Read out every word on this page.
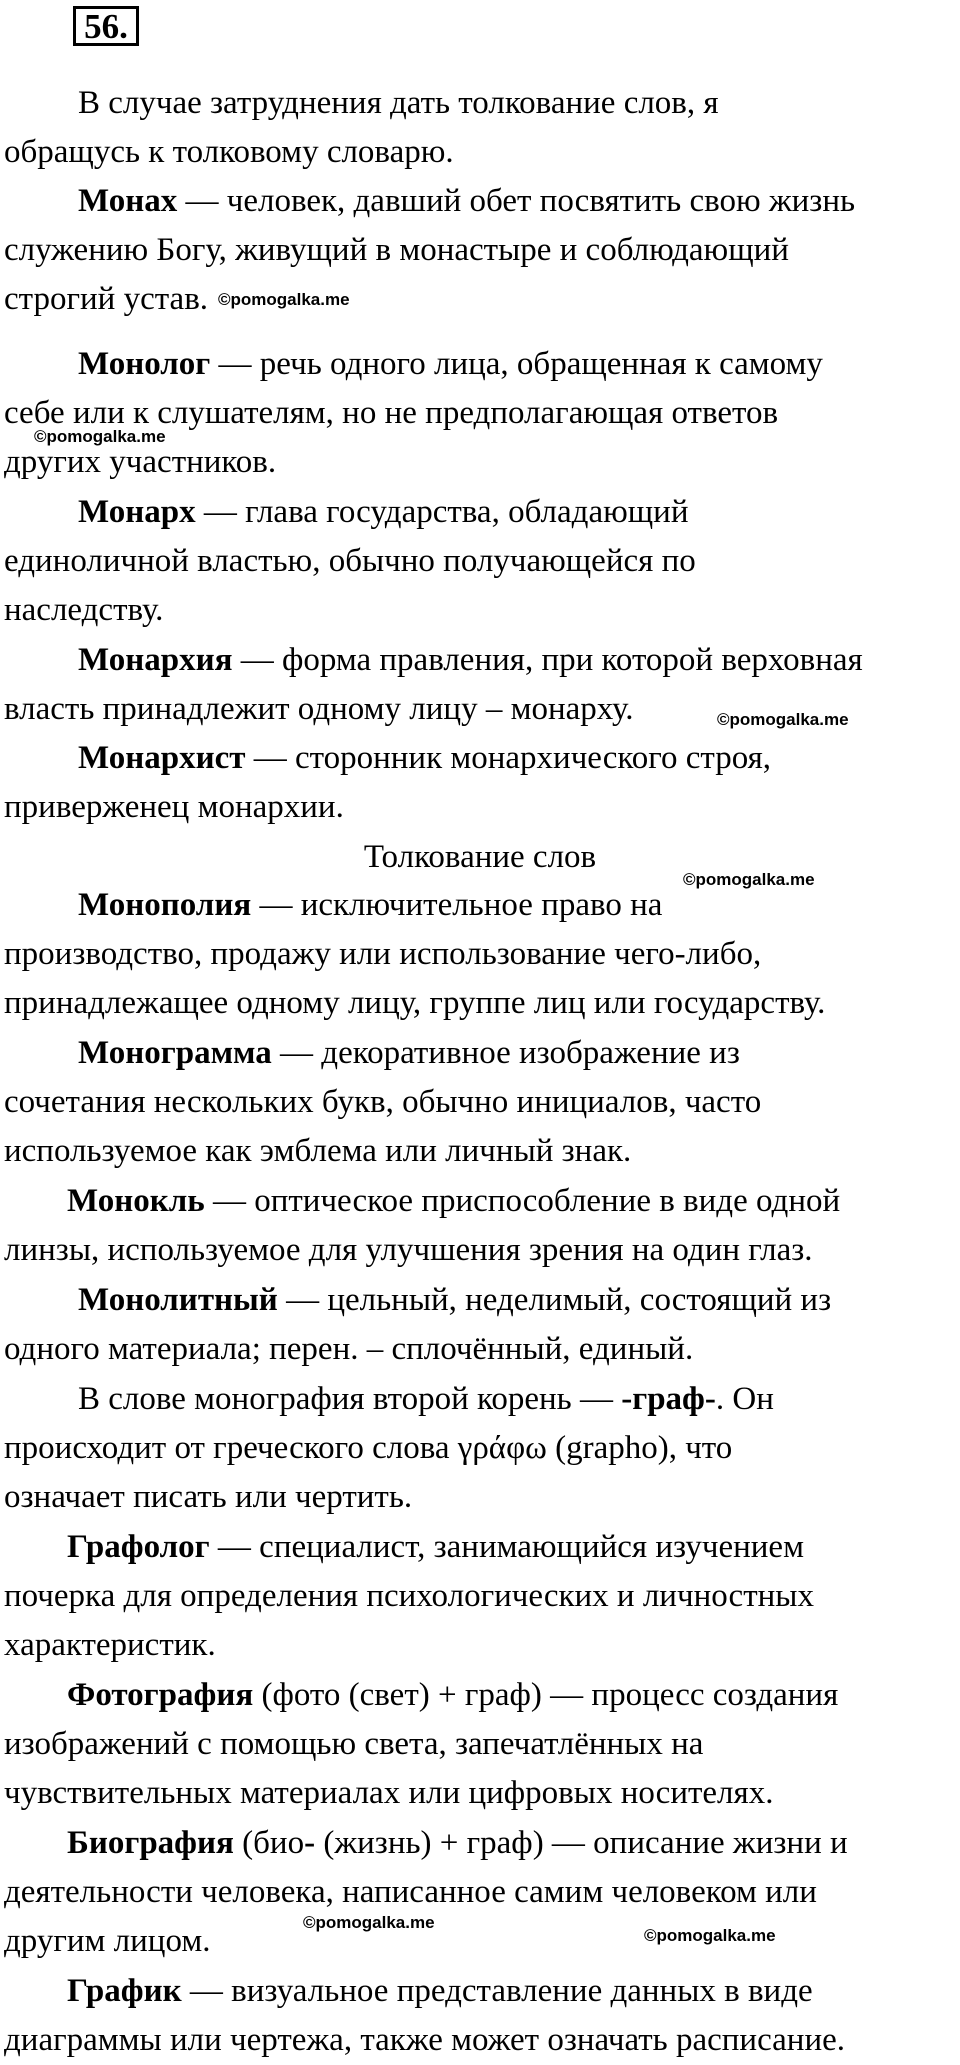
56.
В случае затруднения дать толкование слов, я
обращусь к толковому словарю.
Монах — человек, давший обет посвятить свою жизнь
служению Богу, живущий в монастыре и соблюдающий
строгий устав. ©pomogalka.me
Монолог — речь одного лица, обращенная к самому
себе или к слушателям, но не предполагающая ответов
©pomogalka.me
других участников.
Монарх — глава государства, обладающий
единоличной властью, обычно получающейся по
наследству.
Монархия — форма правления, при которой верховная
власть принадлежит одному лицу – монарху.	©pomogalka.me
Монархист — сторонник монархического строя,
приверженец монархии.
Толкование слов
©pomogalka.me
Монополия — исключительное право на
производство, продажу или использование чего-либо,
принадлежащее одному лицу, группе лиц или государству.
Монограмма — декоративное изображение из
сочетания нескольких букв, обычно инициалов, часто
используемое как эмблема или личный знак.
Монокль — оптическое приспособление в виде одной
линзы, используемое для улучшения зрения на один глаз.
Монолитный — цельный, неделимый, состоящий из
одного материала; перен. – сплочённый, единый.
В слове монография второй корень — -граф-. Он
происходит от греческого слова γράφω (grapho), что
означает писать или чертить.
Графолог — специалист, занимающийся изучением
почерка для определения психологических и личностных
характеристик.
Фотография (фото (свет) + граф) — процесс создания
изображений с помощью света, запечатлённых на
чувствительных материалах или цифровых носителях.
Биография (био- (жизнь) + граф) — описание жизни и
деятельности человека, написанное самим человеком или
другим лицом.
©pomogalka.me
©pomogalka.me
График — визуальное представление данных в виде
диаграммы или чертежа, также может означать расписание.
